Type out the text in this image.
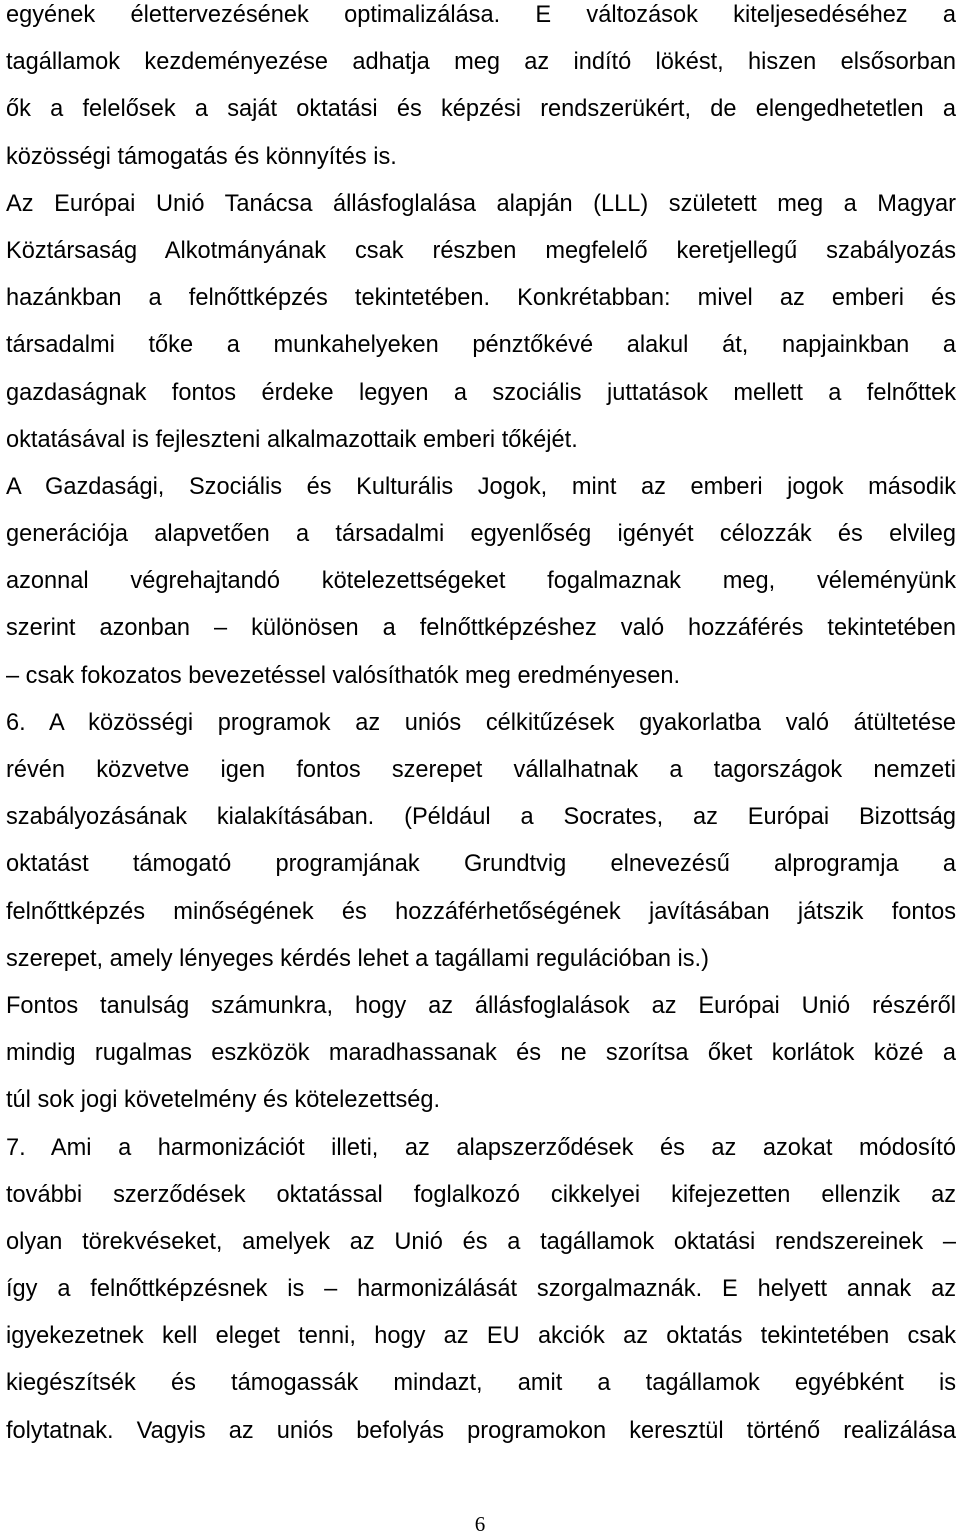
egyének élettervezésének optimalizálása. E változások kiteljesedéséhez a
tagállamok kezdeményezése adhatja meg az indító lökést, hiszen elsősorban
ők a felelősek a saját oktatási és képzési rendszerükért, de elengedhetetlen a
közösségi támogatás és könnyítés is.
Az Európai Unió Tanácsa állásfoglalása alapján (LLL) született meg a Magyar
Köztársaság Alkotmányának csak részben megfelelő keretjellegű szabályozás
hazánkban a felnőttképzés tekintetében. Konkrétabban: mivel az emberi és
társadalmi tőke a munkahelyeken pénztőkévé alakul át, napjainkban a
gazdaságnak fontos érdeke legyen a szociális juttatások mellett a felnőttek
oktatásával is fejleszteni alkalmazottaik emberi tőkéjét.
A Gazdasági, Szociális és Kulturális Jogok, mint az emberi jogok második
generációja alapvetően a társadalmi egyenlőség igényét célozzák és elvileg
azonnal végrehajtandó kötelezettségeket fogalmaznak meg, véleményünk
szerint azonban – különösen a felnőttképzéshez való hozzáférés tekintetében
– csak fokozatos bevezetéssel valósíthatók meg eredményesen.
6. A közösségi programok az uniós célkitűzések gyakorlatba való átültetése
révén közvetve igen fontos szerepet vállalhatnak a tagországok nemzeti
szabályozásának kialakításában. (Például a Socrates, az Európai Bizottság
oktatást támogató programjának Grundtvig elnevezésű alprogramja a
felnőttképzés minőségének és hozzáférhetőségének javításában játszik fontos
szerepet, amely lényeges kérdés lehet a tagállami regulációban is.)
Fontos tanulság számunkra, hogy az állásfoglalások az Európai Unió részéről
mindig rugalmas eszközök maradhassanak és ne szorítsa őket korlátok közé a
túl sok jogi követelmény és kötelezettség.
7. Ami a harmonizációt illeti, az alapszerződések és az azokat módosító
további szerződések oktatással foglalkozó cikkelyei kifejezetten ellenzik az
olyan törekvéseket, amelyek az Unió és a tagállamok oktatási rendszereinek –
így a felnőttképzésnek is – harmonizálását szorgalmaznák. E helyett annak az
igyekezetnek kell eleget tenni, hogy az EU akciók az oktatás tekintetében csak
kiegészítsék és támogassák mindazt, amit a tagállamok egyébként is
folytatnak. Vagyis az uniós befolyás programokon keresztül történő realizálása
6
